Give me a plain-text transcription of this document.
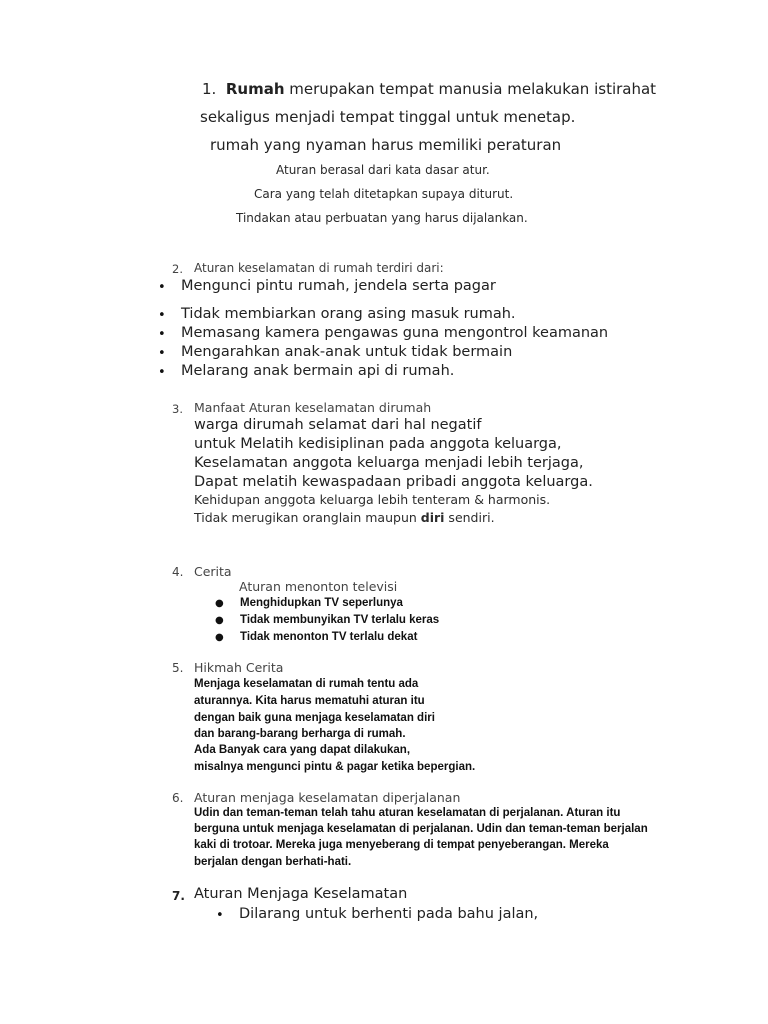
1. Rumah merupakan tempat manusia melakukan istirahat
sekaligus menjadi tempat tinggal untuk menetap.
rumah yang nyaman harus memiliki peraturan
Aturan berasal dari kata dasar atur.
Cara yang telah ditetapkan supaya diturut.
Tindakan atau perbuatan yang harus dijalankan.
2. Aturan keselamatan di rumah terdiri dari:
• Mengunci pintu rumah, jendela serta pagar
• Tidak membiarkan orang asing masuk rumah.
• Memasang kamera pengawas guna mengontrol keamanan
• Mengarahkan anak-anak untuk tidak bermain
• Melarang anak bermain api di rumah.
3. Manfaat Aturan keselamatan dirumah
warga dirumah selamat dari hal negatif
untuk Melatih kedisiplinan pada anggota keluarga,
Keselamatan anggota keluarga menjadi lebih terjaga,
Dapat melatih kewaspadaan pribadi anggota keluarga.
Kehidupan anggota keluarga lebih tenteram & harmonis.
Tidak merugikan oranglain maupun diri sendiri.
4. Cerita
Aturan menonton televisi
● Menghidupkan TV seperlunya
● Tidak membunyikan TV terlalu keras
● Tidak menonton TV terlalu dekat
5. Hikmah Cerita
Menjaga keselamatan di rumah tentu ada
aturannya. Kita harus mematuhi aturan itu
dengan baik guna menjaga keselamatan diri
dan barang-barang berharga di rumah.
Ada Banyak cara yang dapat dilakukan,
misalnya mengunci pintu & pagar ketika bepergian.
6. Aturan menjaga keselamatan diperjalanan
Udin dan teman-teman telah tahu aturan keselamatan di perjalanan. Aturan itu
berguna untuk menjaga keselamatan di perjalanan. Udin dan teman-teman berjalan
kaki di trotoar. Mereka juga menyeberang di tempat penyeberangan. Mereka
berjalan dengan berhati-hati.
7. Aturan Menjaga Keselamatan
• Dilarang untuk berhenti pada bahu jalan,
